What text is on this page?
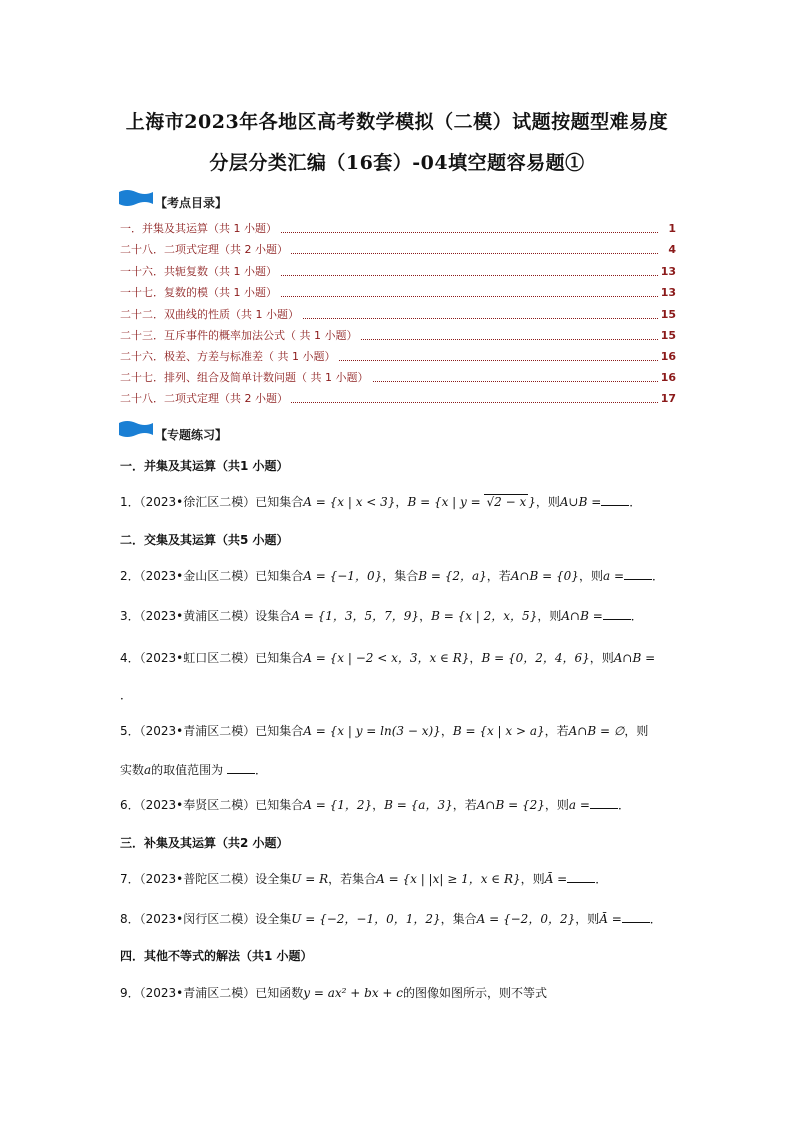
上海市2023年各地区高考数学模拟（二模）试题按题型难易度
分层分类汇编（16套）-04填空题容易题①
【考点目录】
一．并集及其运算（共 1 小题）	1
二十八．二项式定理（共 2 小题）	4
一十六．共轭复数（共 1 小题）	13
一十七．复数的模（共 1 小题）	13
二十二．双曲线的性质（共 1 小题）	15
二十三．互斥事件的概率加法公式（ 共 1 小题）	15
二十六．极差、方差与标准差（ 共 1 小题）	16
二十七．排列、组合及简单计数问题（ 共 1 小题）	16
二十八．二项式定理（共 2 小题）	17
【专题练习】
一．并集及其运算（共1 小题）
1．（2023•徐汇区二模）已知集合A = {x | x < 3}，B = {x | y = √2 − x }，则A∪B = ．
二．交集及其运算（共5 小题）
2．（2023•金山区二模）已知集合A = {−1，0}，集合B = {2，a}，若A∩B = {0}，则a = ．
3．（2023•黄浦区二模）设集合A = {1，3，5，7，9}，B = {x | 2，x，5}，则A∩B = ．
4．（2023•虹口区二模）已知集合A = {x | −2 < x，3，x ∈ R}，B = {0，2，4，6}，则A∩B =
．
5．（2023•青浦区二模）已知集合A = {x | y = ln(3 − x)}，B = {x | x > a}，若A∩B = ∅，则
实数a的取值范围为	．
6．（2023•奉贤区二模）已知集合A = {1，2}，B = {a，3}，若A∩B = {2}，则a = ．
三．补集及其运算（共2 小题）
7．（2023•普陀区二模）设全集U = R，若集合A = {x | |x| ≥ 1，x ∈ R}，则Ā = ．
8．（2023•闵行区二模）设全集U = {−2，−1，0，1，2}，集合A = {−2，0，2}，则Ā = ．
四．其他不等式的解法（共1 小题）
9．（2023•青浦区二模）已知函数y = ax² + bx + c的图像如图所示，则不等式
